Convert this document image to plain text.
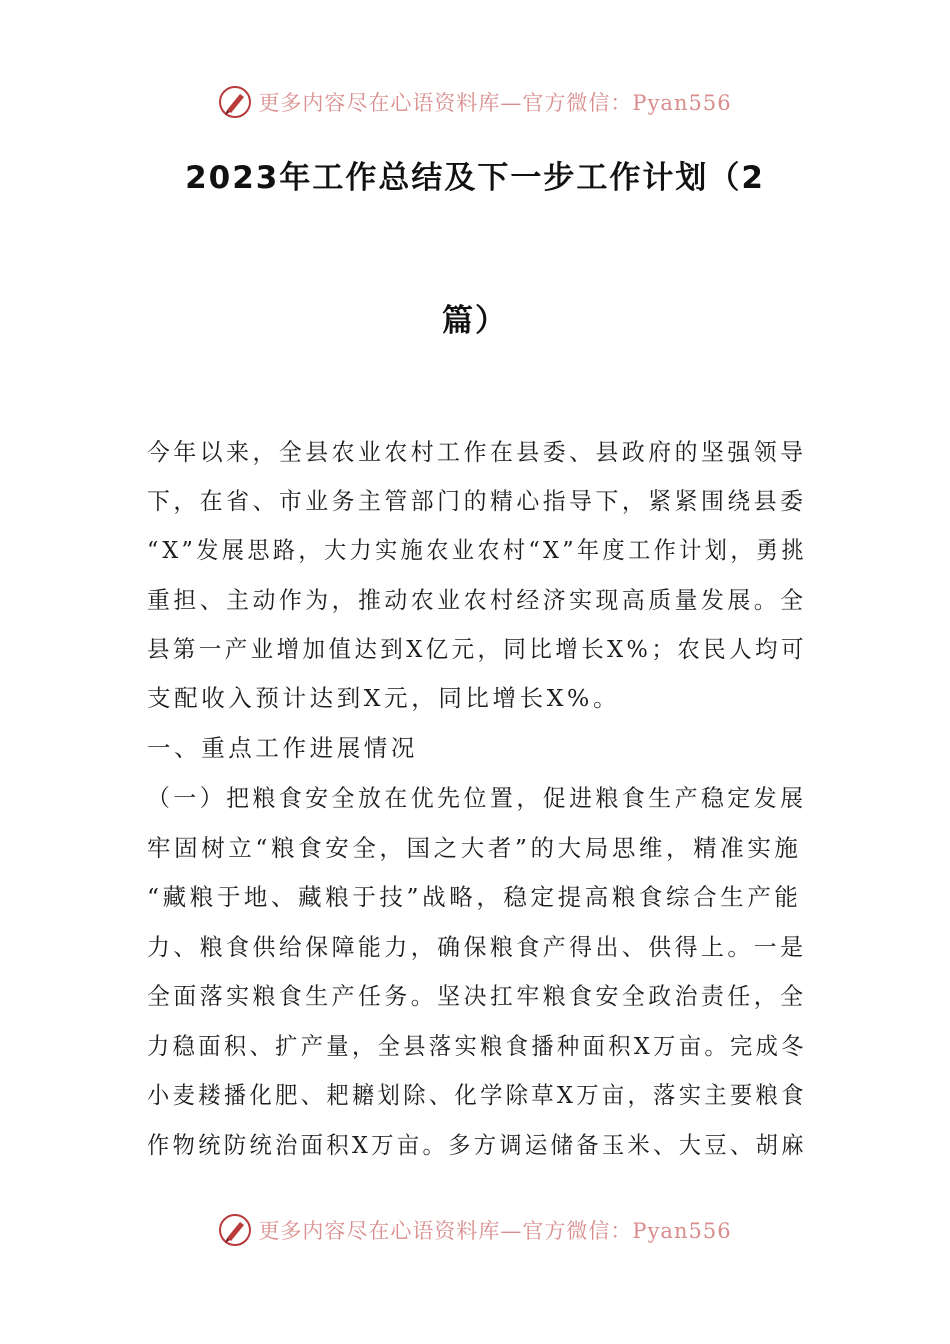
更多内容尽在心语资料库—官方微信：Pyan556
2023年工作总结及下一步工作计划（2
篇）
今年以来，全县农业农村工作在县委、县政府的坚强领导
下，在省、市业务主管部门的精心指导下，紧紧围绕县委
“X”发展思路，大力实施农业农村“X”年度工作计划，勇挑
重担、主动作为，推动农业农村经济实现高质量发展。全
县第一产业增加值达到X亿元，同比增长X%；农民人均可
支配收入预计达到X元，同比增长X%。
一、重点工作进展情况
（一）把粮食安全放在优先位置，促进粮食生产稳定发展
牢固树立“粮食安全，国之大者”的大局思维，精准实施
“藏粮于地、藏粮于技”战略，稳定提高粮食综合生产能
力、粮食供给保障能力，确保粮食产得出、供得上。一是
全面落实粮食生产任务。坚决扛牢粮食安全政治责任，全
力稳面积、扩产量，全县落实粮食播种面积X万亩。完成冬
小麦耧播化肥、耙耱划除、化学除草X万亩，落实主要粮食
作物统防统治面积X万亩。多方调运储备玉米、大豆、胡麻
更多内容尽在心语资料库—官方微信：Pyan556
